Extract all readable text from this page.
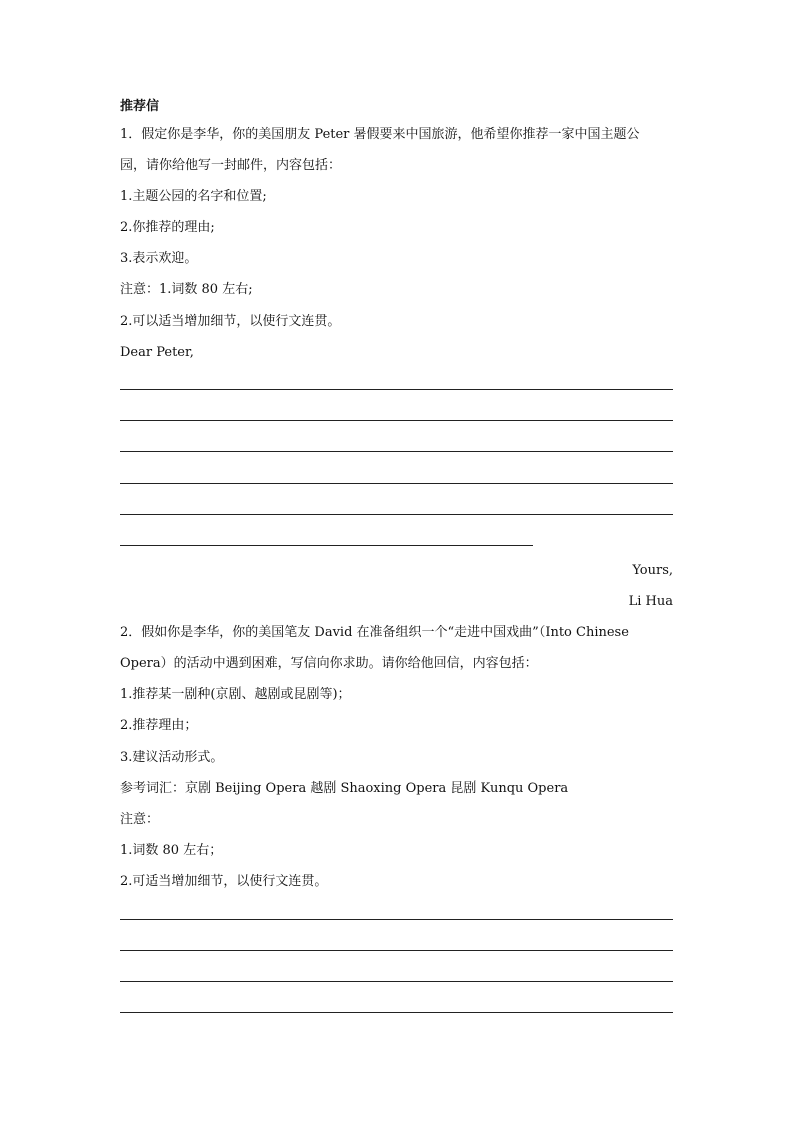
推荐信
1．假定你是李华，你的美国朋友 Peter 暑假要来中国旅游，他希望你推荐一家中国主题公
园，请你给他写一封邮件，内容包括：
1.主题公园的名字和位置;
2.你推荐的理由;
3.表示欢迎。
注意：1.词数 80 左右;
2.可以适当增加细节，以使行文连贯。
Dear Peter,
Yours,
Li Hua
2．假如你是李华，你的美国笔友 David 在准备组织一个“走进中国戏曲”（Into Chinese
Opera）的活动中遇到困难，写信向你求助。请你给他回信，内容包括：
1.推荐某一剧种(京剧、越剧或昆剧等)；
2.推荐理由；
3.建议活动形式。
参考词汇：京剧 Beijing Opera 越剧 Shaoxing Opera 昆剧 Kunqu Opera
注意：
1.词数 80 左右；
2.可适当增加细节，以使行文连贯。
